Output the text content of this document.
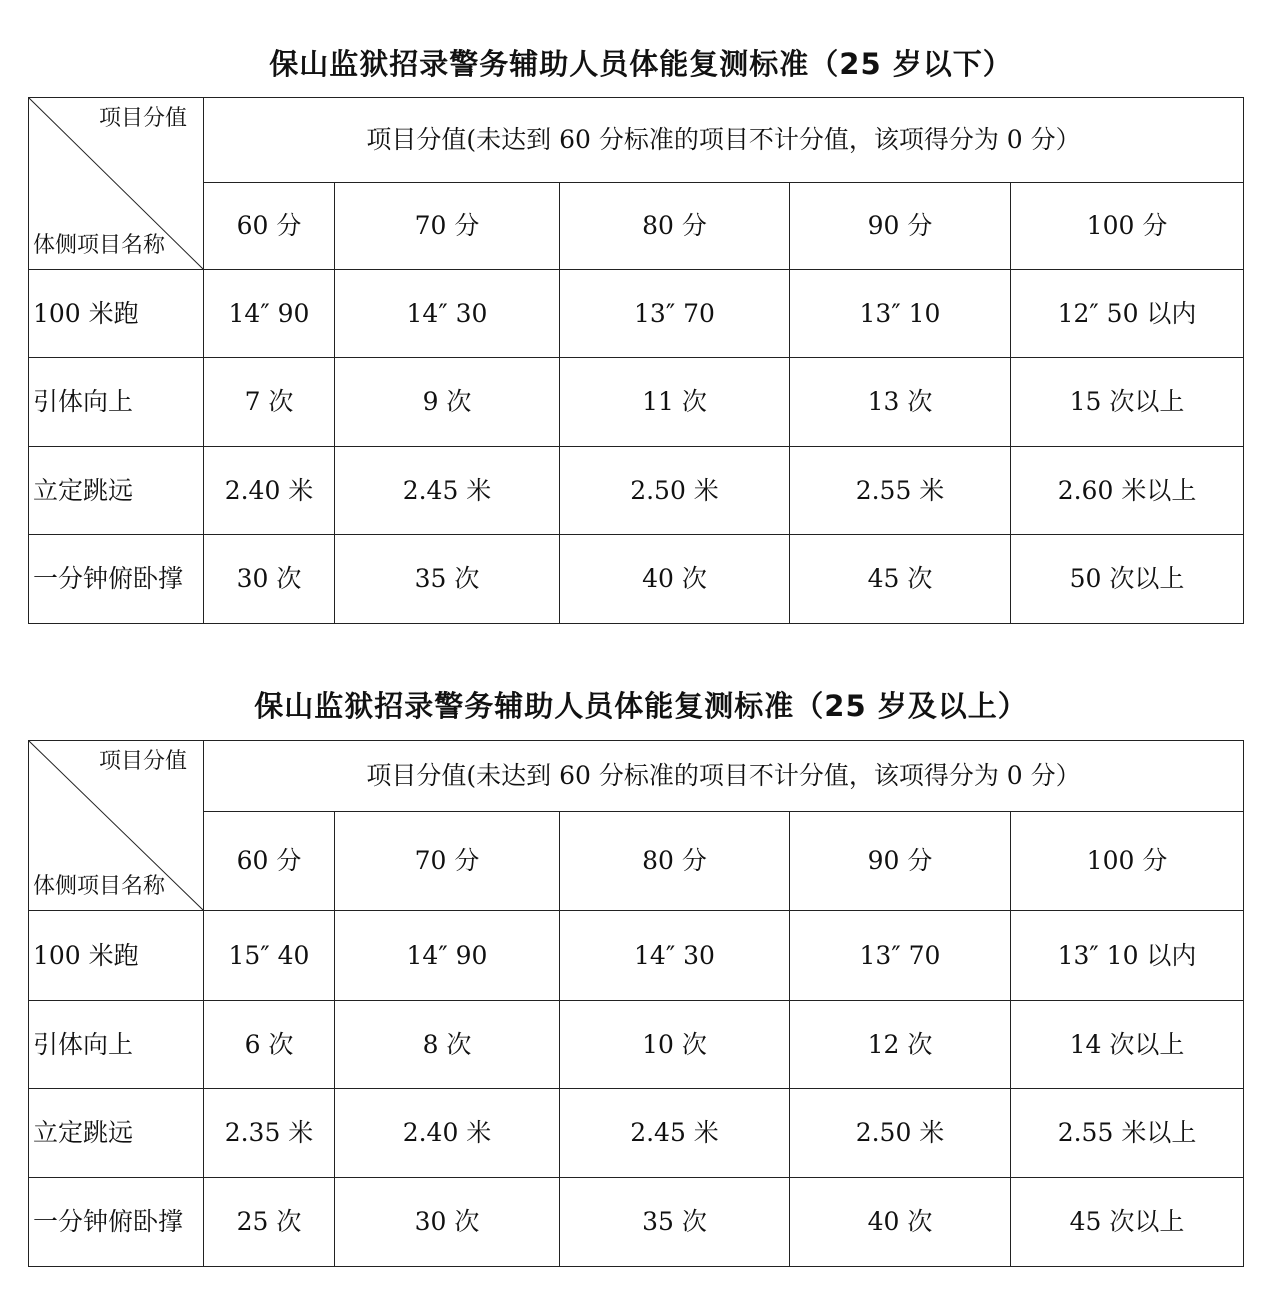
保山监狱招录警务辅助人员体能复测标准（25 岁以下）
项目分值
体侧项目名称	项目分值(未达到 60 分标准的项目不计分值，该项得分为 0 分）				
	60 分	70 分	80 分	90 分	100 分
100 米跑	14″ 90	14″ 30	13″ 70	13″ 10	12″ 50 以内
引体向上	7 次	9 次	11 次	13 次	15 次以上
立定跳远	2.40 米	2.45 米	2.50 米	2.55 米	2.60 米以上
一分钟俯卧撑	30 次	35 次	40 次	45 次	50 次以上
保山监狱招录警务辅助人员体能复测标准（25 岁及以上）
项目分值
体侧项目名称	项目分值(未达到 60 分标准的项目不计分值，该项得分为 0 分）				
	60 分	70 分	80 分	90 分	100 分
100 米跑	15″ 40	14″ 90	14″ 30	13″ 70	13″ 10 以内
引体向上	6 次	8 次	10 次	12 次	14 次以上
立定跳远	2.35 米	2.40 米	2.45 米	2.50 米	2.55 米以上
一分钟俯卧撑	25 次	30 次	35 次	40 次	45 次以上
